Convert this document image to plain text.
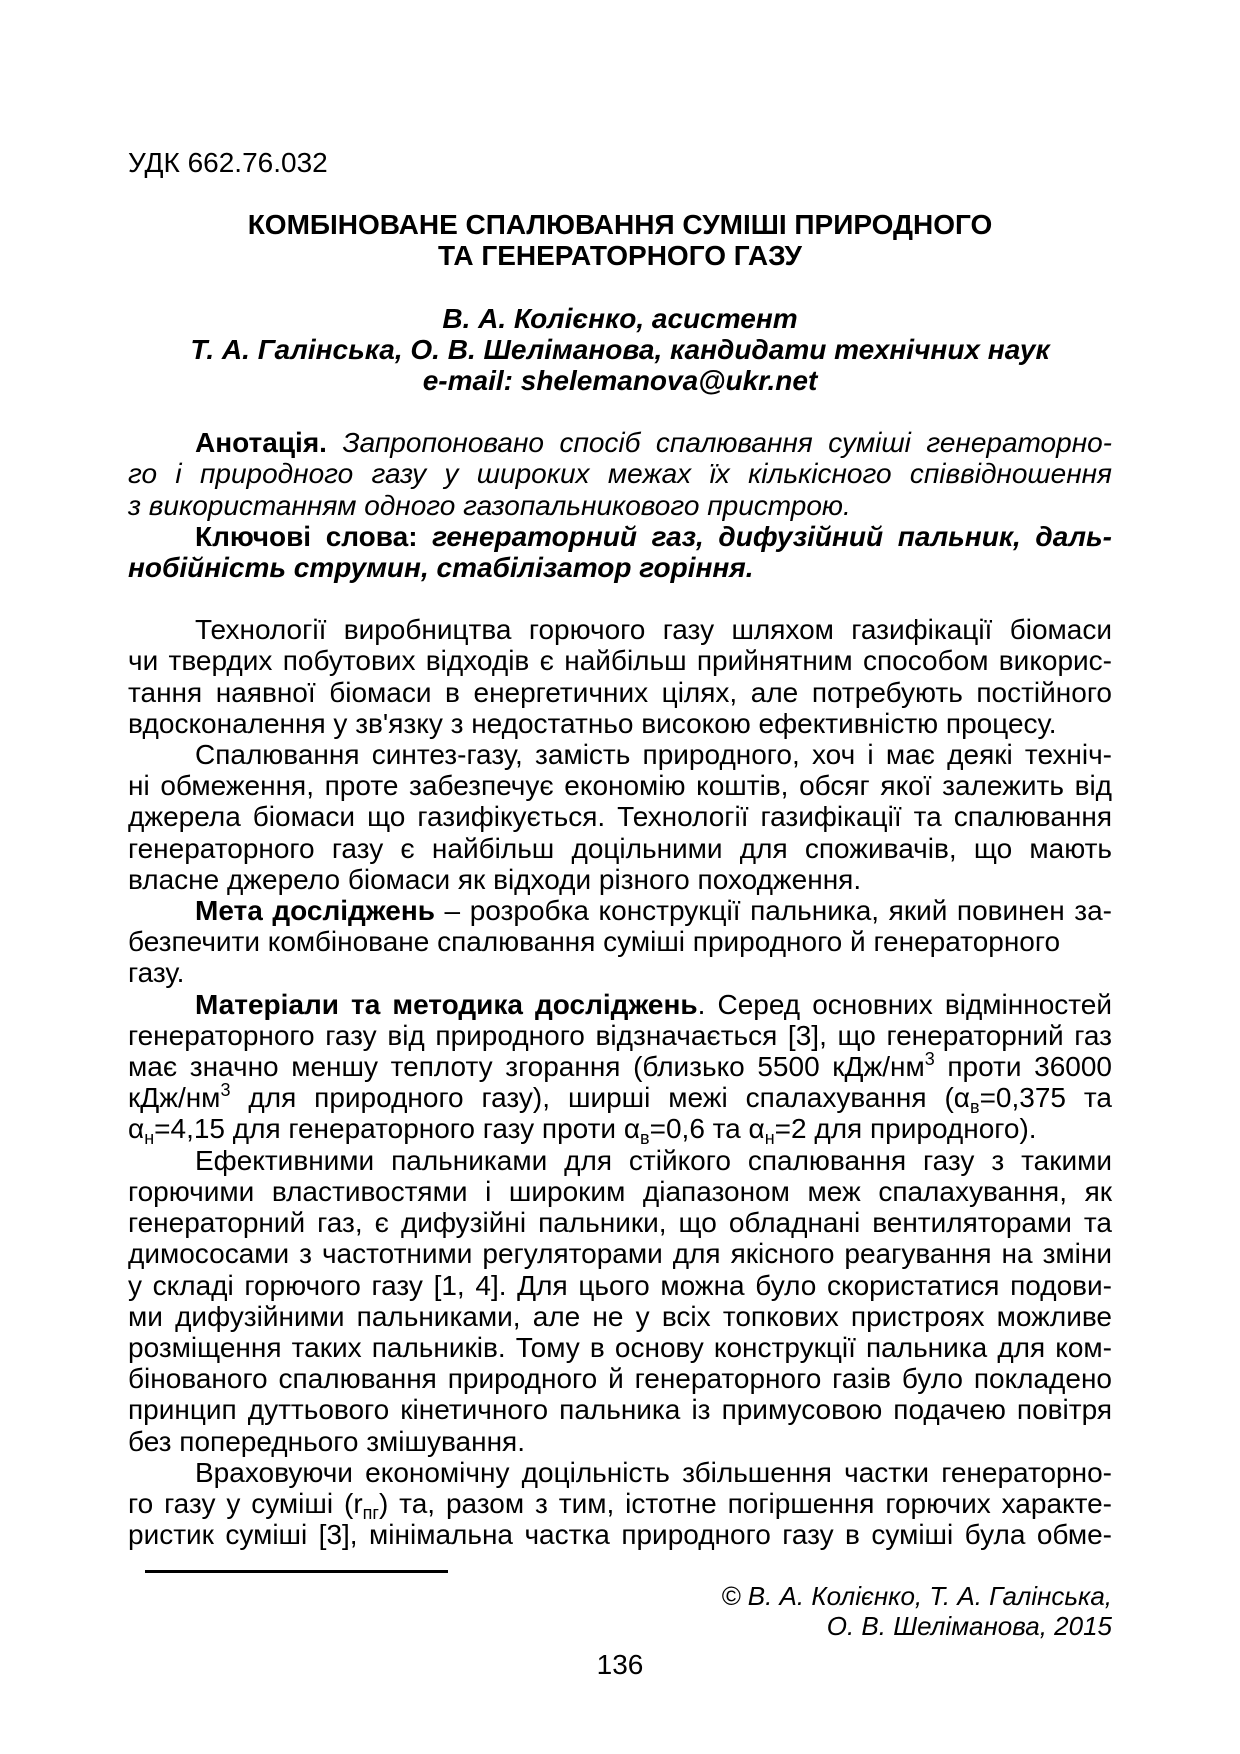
УДК 662.76.032
КОМБІНОВАНЕ СПАЛЮВАННЯ СУМІШІ ПРИРОДНОГО
ТА ГЕНЕРАТОРНОГО ГАЗУ
В. А. Колієнко, асистент
Т. А. Галінська, О. В. Шеліманова, кандидати технічних наук
e-mail: shelemanova@ukr.net
Анотація. Запропоновано спосіб спалювання суміші генераторно-
го і природного газу у широких межах їх кількісного співвідношення
з використанням одного газопальникового пристрою.
Ключові слова: генераторний газ, дифузійний пальник, даль-
нобійність струмин, стабілізатор горіння.
Технології виробництва горючого газу шляхом газифікації біомаси
чи твердих побутових відходів є найбільш прийнятним способом викорис-
тання наявної біомаси в енергетичних цілях, але потребують постійного
вдосконалення у зв'язку з недостатньо високою ефективністю процесу.
Спалювання синтез-газу, замість природного, хоч і має деякі техніч-
ні обмеження, проте забезпечує економію коштів, обсяг якої залежить від
джерела біомаси що газифікується. Технології газифікації та спалювання
генераторного газу є найбільш доцільними для споживачів, що мають
власне джерело біомаси як відходи різного походження.
Мета досліджень – розробка конструкції пальника, який повинен за-
безпечити комбіноване спалювання суміші природного й генераторного газу.
Матеріали та методика досліджень. Серед основних відмінностей
генераторного газу від природного відзначається [3], що генераторний газ
має значно меншу теплоту згорання (близько 5500 кДж/$нм^3$ проти 36000
кДж/$нм^3$ для природного газу), ширші межі спалахування ($\alpha_в=0,375$ та
$\alpha_н=4,15$ для генераторного газу проти $\alpha_в=0,6$ та $\alpha_н=2$ для природного).
Ефективними пальниками для стійкого спалювання газу з такими
горючими властивостями і широким діапазоном меж спалахування, як
генераторний газ, є дифузійні пальники, що обладнані вентиляторами та
димососами з частотними регуляторами для якісного реагування на зміни
у складі горючого газу [1, 4]. Для цього можна було скористатися подови-
ми дифузійними пальниками, але не у всіх топкових пристроях можливе
розміщення таких пальників. Тому в основу конструкції пальника для ком-
бінованого спалювання природного й генераторного газів було покладено
принцип дуттьового кінетичного пальника із примусовою подачею повітря
без попереднього змішування.
Враховуючи економічну доцільність збільшення частки генераторно-
го газу у суміші $(r_{пг})$ та, разом з тим, істотне погіршення горючих характе-
ристик суміші [3], мінімальна частка природного газу в суміші була обме-
© В. А. Колієнко, Т. А. Галінська,
О. В. Шеліманова, 2015
136
